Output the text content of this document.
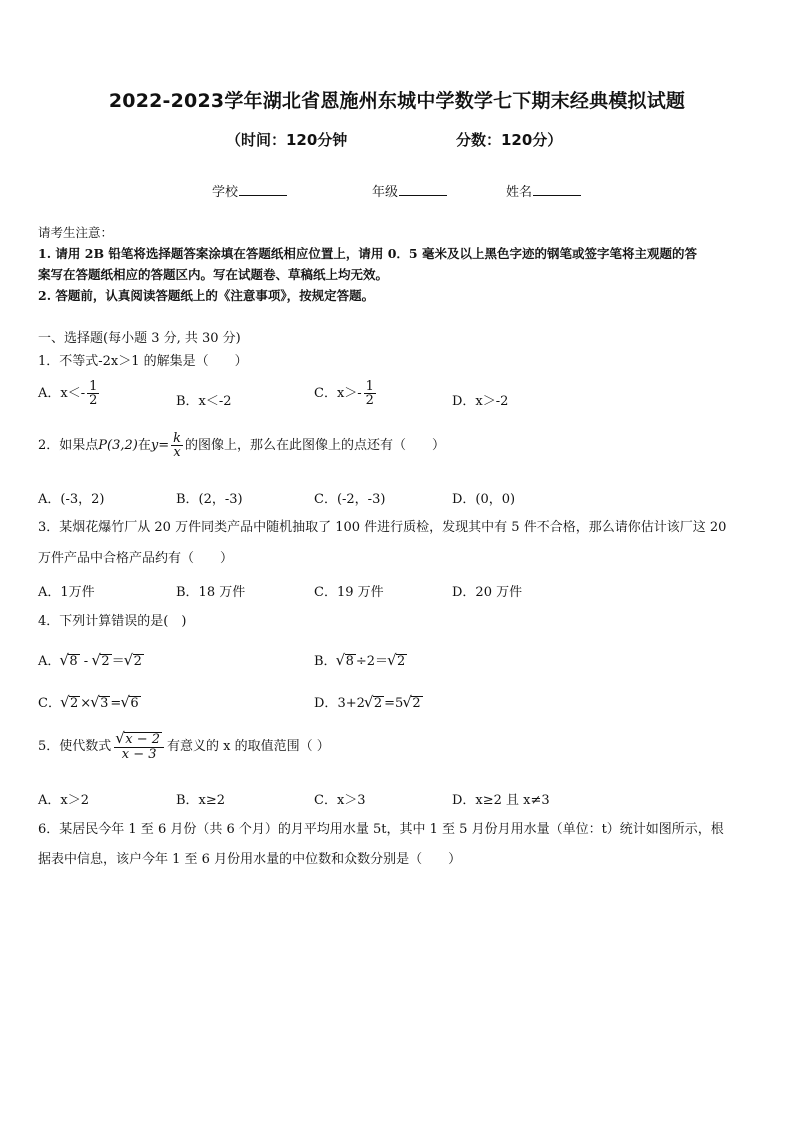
2022-2023学年湖北省恩施州东城中学数学七下期末经典模拟试题
（时间：120分钟	分数：120分）
学校	年级	姓名
请考生注意：
1. 请用 2B 铅笔将选择题答案涂填在答题纸相应位置上，请用 0．5 毫米及以上黑色字迹的钢笔或签字笔将主观题的答
案写在答题纸相应的答题区内。写在试题卷、草稿纸上均无效。
2. 答题前，认真阅读答题纸上的《注意事项》，按规定答题。
一、选择题(每小题 3 分, 共 30 分)
1．不等式-2x＞1 的解集是（　　）
A．$x<- \frac{1}{2}$	B．x＜-2
C．$x>- \frac{1}{2}$	D．x＞-2
2．如果点P(3,2)在$y= \frac{k}{x}$ 的图像上，那么在此图像上的点还有（　　）
A．(-3，2)	B．(2，-3)	C．(-2，-3)	D．(0，0)
3．某烟花爆竹厂从 20 万件同类产品中随机抽取了 100 件进行质检，发现其中有 5 件不合格，那么请你估计该厂这 20
万件产品中合格产品约有（　　）
A．1万件	B．18 万件	C．19 万件	D．20 万件
4．下列计算错误的是(　)
A． √ 8 - √ 2 ＝ √ 2	B． √ 8 ÷2＝ √ 2
C． √ 2 × √ 3 = √ 6	D．3+2 √ 2 =5 √ 2
5．使代数式 √ $\frac{x - 2}{x - 3}$ 有意义的 x 的取值范围（ ）
A．x＞2	B．x≥2	C．x＞3	D．x≥2 且 x≠3
6．某居民今年 1 至 6 月份（共 6 个月）的月平均用水量 5t，其中 1 至 5 月份月用水量（单位：t）统计如图所示，根
据表中信息，该户今年 1 至 6 月份用水量的中位数和众数分别是（　　）
